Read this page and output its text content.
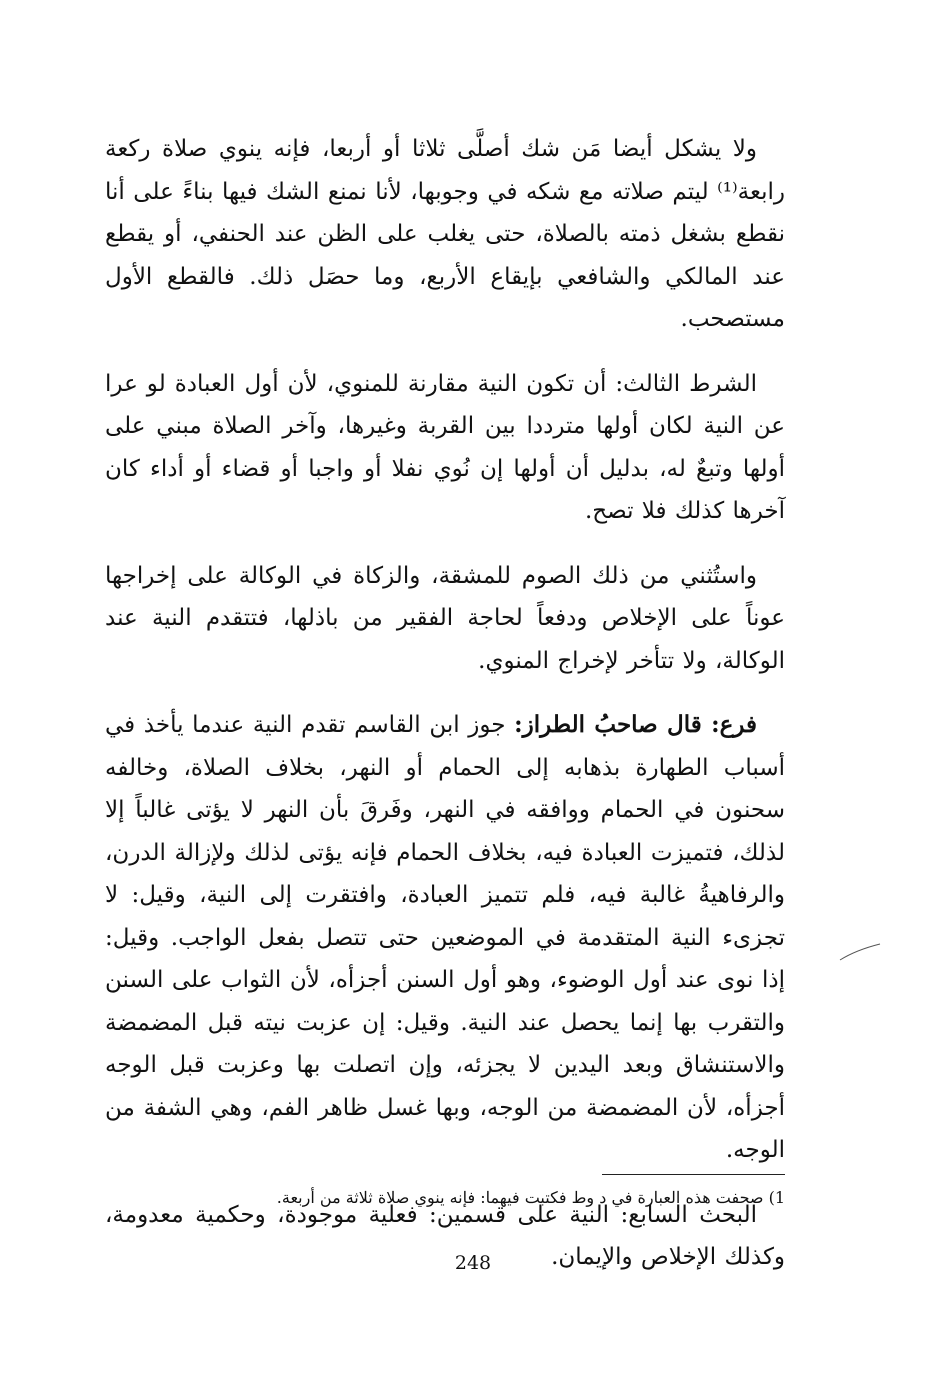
ولا يشكل أيضا مَن شك أصلَّى ثلاثا أو أربعا، فإنه ينوي صلاة ركعة رابعة⁽¹⁾ ليتم صلاته مع شكه في وجوبها، لأنا نمنع الشك فيها بناءً على أنا نقطع بشغل ذمته بالصلاة، حتى يغلب على الظن عند الحنفي، أو يقطع عند المالكي والشافعي بإيقاع الأربع، وما حصَل ذلك. فالقطع الأول مستصحب.

الشرط الثالث: أن تكون النية مقارنة للمنوي، لأن أول العبادة لو عرا عن النية لكان أولها مترددا بين القربة وغيرها، وآخر الصلاة مبني على أولها وتبعٌ له، بدليل أن أولها إن نُوي نفلا أو واجبا أو قضاء أو أداء كان آخرها كذلك فلا تصح.

واستُثني من ذلك الصوم للمشقة، والزكاة في الوكالة على إخراجها عوناً على الإخلاص ودفعاً لحاجة الفقير من باذلها، فتتقدم النية عند الوكالة، ولا تتأخر لإخراج المنوي.

فرع: قال صاحبُ الطراز: جوز ابن القاسم تقدم النية عندما يأخذ في أسباب الطهارة بذهابه إلى الحمام أو النهر، بخلاف الصلاة، وخالفه سحنون في الحمام ووافقه في النهر، وفَرقَ بأن النهر لا يؤتى غالباً إلا لذلك، فتميزت العبادة فيه، بخلاف الحمام فإنه يؤتى لذلك ولإزالة الدرن، والرفاهيةُ غالبة فيه، فلم تتميز العبادة، وافتقرت إلى النية، وقيل: لا تجزىء النية المتقدمة في الموضعين حتى تتصل بفعل الواجب. وقيل: إذا نوى عند أول الوضوء، وهو أول السنن أجزأه، لأن الثواب على السنن والتقرب بها إنما يحصل عند النية. وقيل: إن عزبت نيته قبل المضمضة والاستنشاق وبعد اليدين لا يجزئه، وإن اتصلت بها وعزبت قبل الوجه أجزأه، لأن المضمضة من الوجه، وبها غسل ظاهر الفم، وهي الشفة من الوجه.

البحث السابع: النية على قسمين: فعلية موجودة، وحكمية معدومة، وكذلك الإخلاص والإيمان.

1) صحفت هذه العبارة في د وط فكتبت فيهما: فإنه ينوي صلاة ثلاثة من أربعة.
248
